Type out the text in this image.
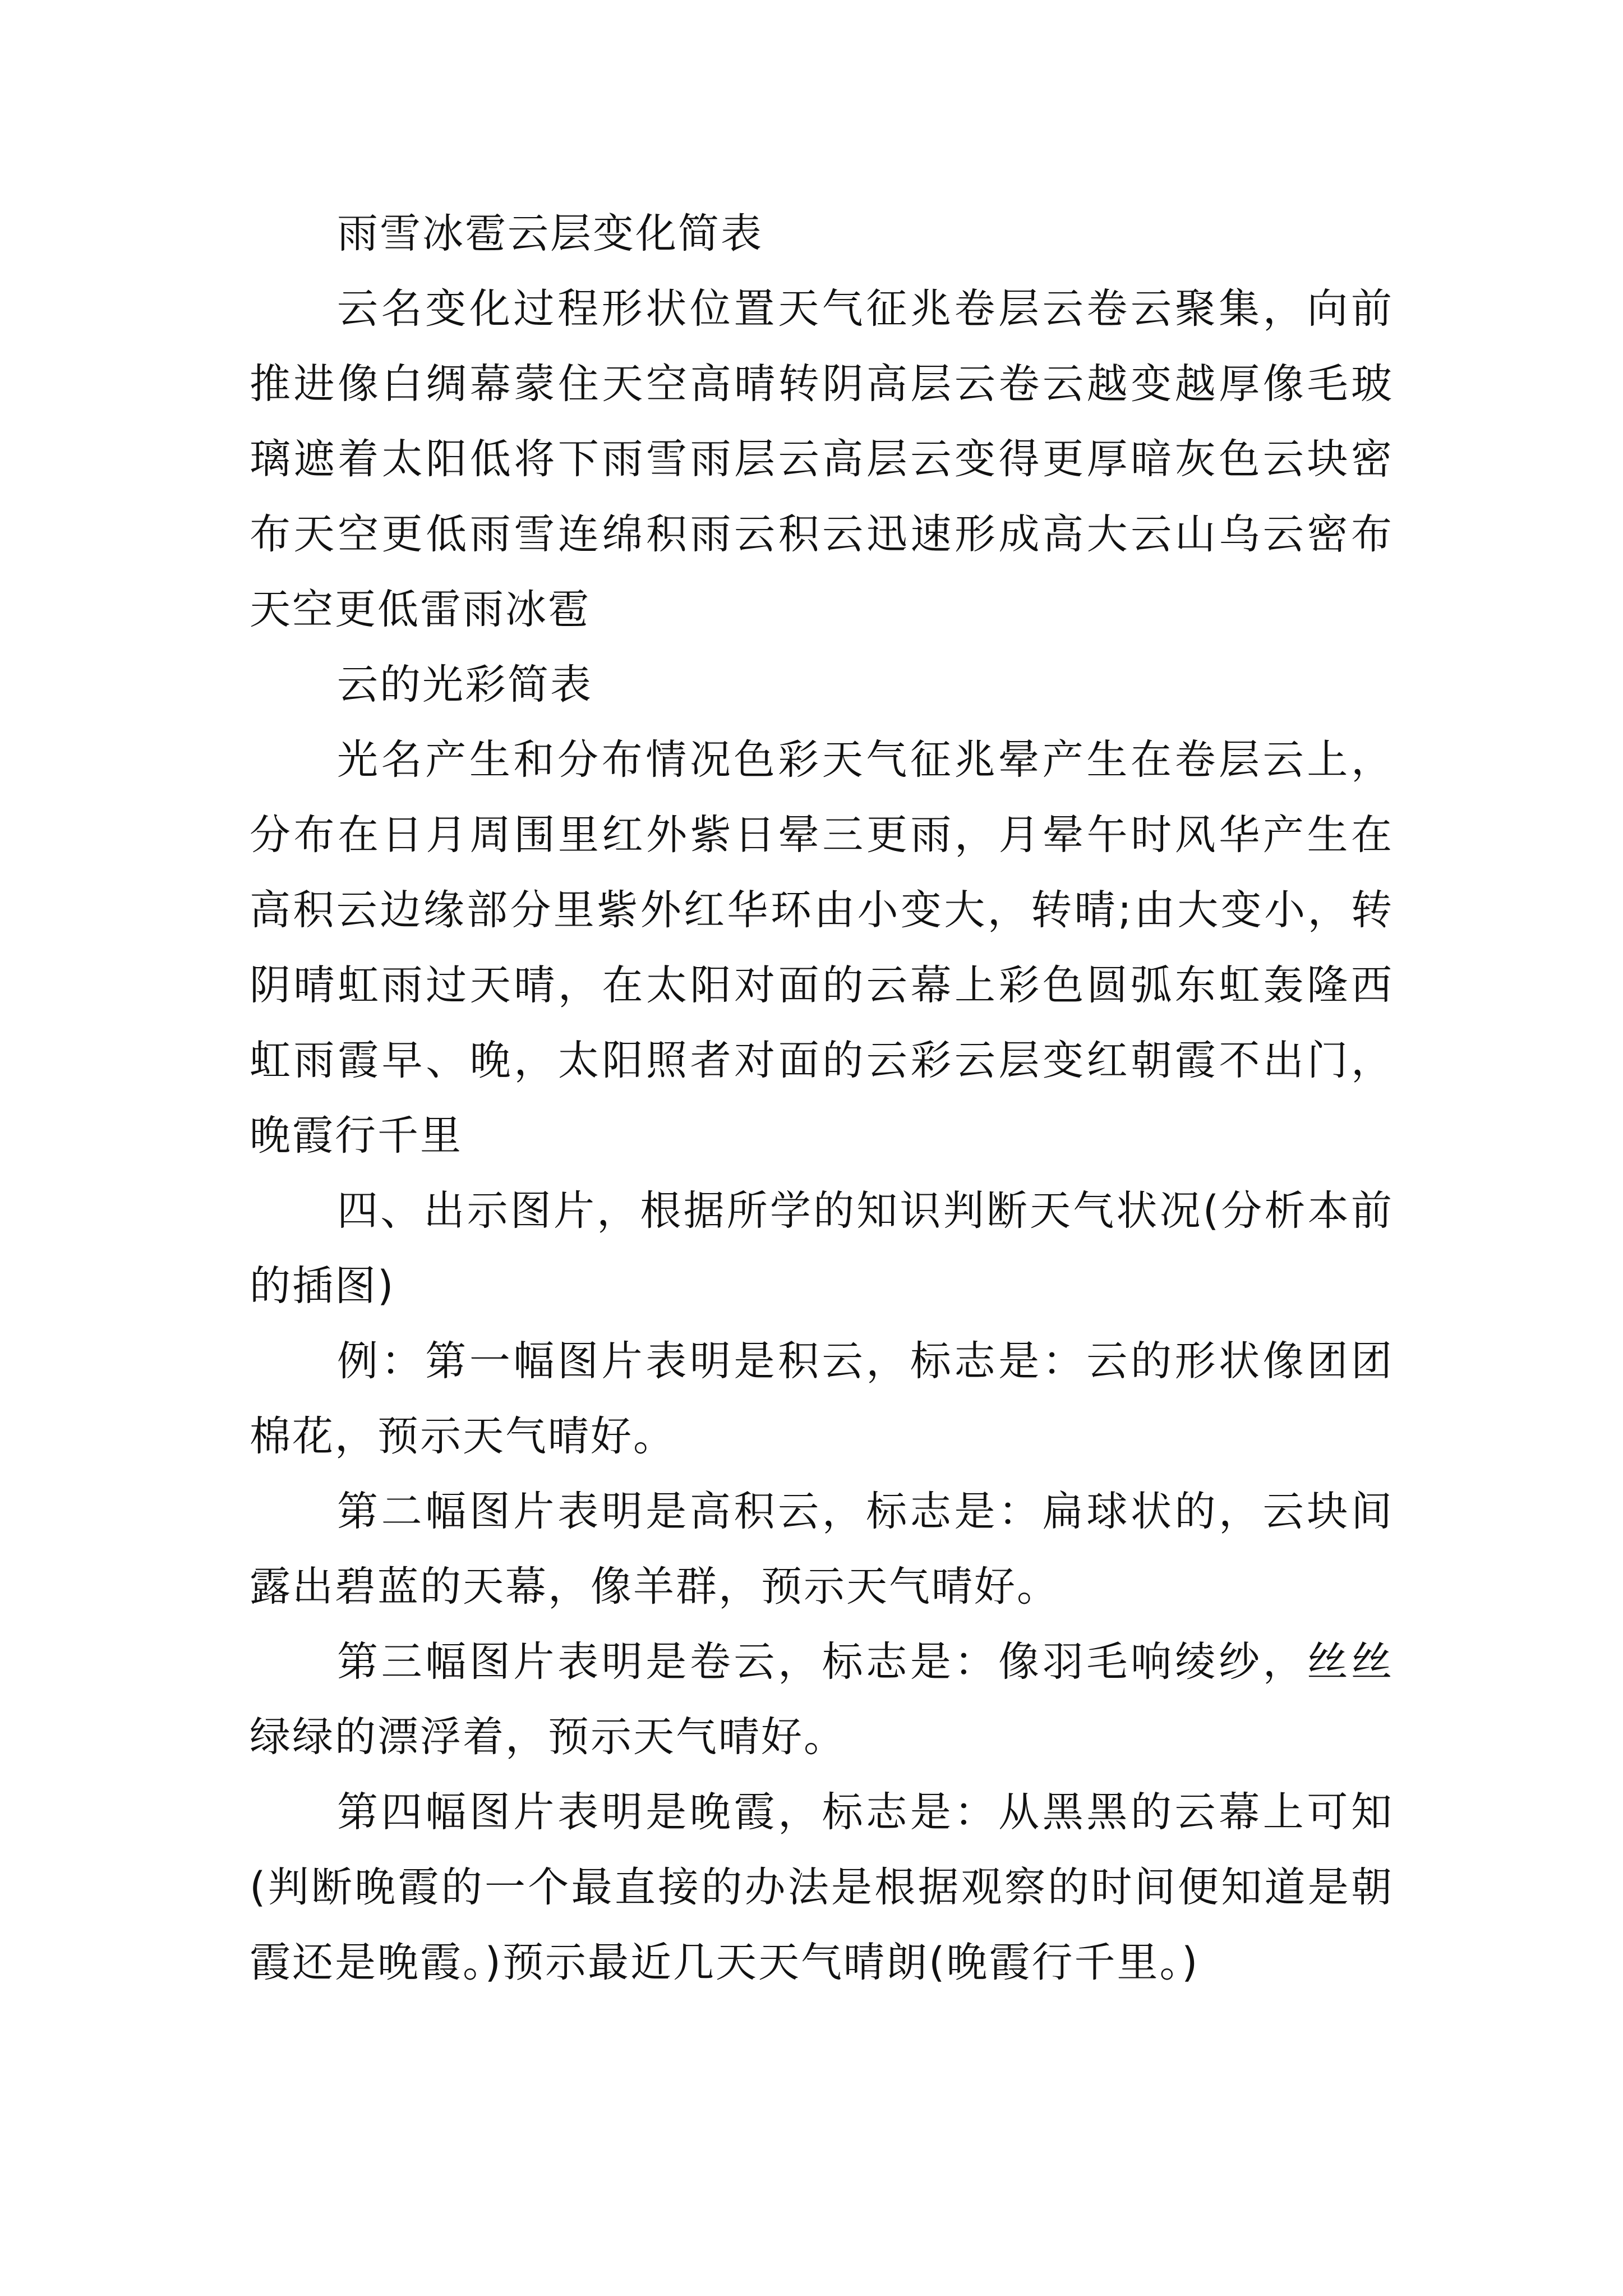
雨雪冰雹云层变化简表

云名变化过程形状位置天气征兆卷层云卷云聚集，向前推进像白绸幕蒙住天空高晴转阴高层云卷云越变越厚像毛玻璃遮着太阳低将下雨雪雨层云高层云变得更厚暗灰色云块密布天空更低雨雪连绵积雨云积云迅速形成高大云山乌云密布天空更低雷雨冰雹

云的光彩简表

光名产生和分布情况色彩天气征兆晕产生在卷层云上，分布在日月周围里红外紫日晕三更雨，月晕午时风华产生在高积云边缘部分里紫外红华环由小变大，转晴;由大变小，转阴晴虹雨过天晴，在太阳对面的云幕上彩色圆弧东虹轰隆西虹雨霞早、晚，太阳照者对面的云彩云层变红朝霞不出门，晚霞行千里

四、出示图片，根据所学的知识判断天气状况(分析本前的插图)

例：第一幅图片表明是积云，标志是：云的形状像团团棉花，预示天气晴好。

第二幅图片表明是高积云，标志是：扁球状的，云块间露出碧蓝的天幕，像羊群，预示天气晴好。

第三幅图片表明是卷云，标志是：像羽毛响绫纱，丝丝绿绿的漂浮着，预示天气晴好。

第四幅图片表明是晚霞，标志是：从黑黑的云幕上可知(判断晚霞的一个最直接的办法是根据观察的时间便知道是朝霞还是晚霞。)预示最近几天天气晴朗(晚霞行千里。)
